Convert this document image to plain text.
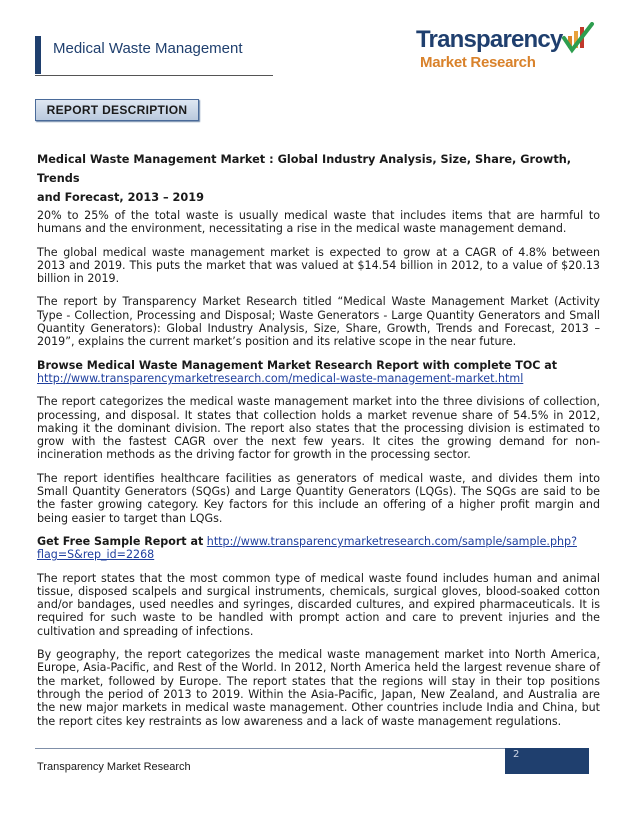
Medical Waste Management	Transparency
Market Research
REPORT DESCRIPTION

Medical Waste Management Market : Global Industry Analysis, Size, Share, Growth, Trends
and Forecast, 2013 – 2019

20% to 25% of the total waste is usually medical waste that includes items that are harmful to humans and the environment, necessitating a rise in the medical waste management demand.

The global medical waste management market is expected to grow at a CAGR of 4.8% between 2013 and 2019. This puts the market that was valued at $14.54 billion in 2012, to a value of $20.13 billion in 2019.

The report by Transparency Market Research titled “Medical Waste Management Market (Activity Type - Collection, Processing and Disposal; Waste Generators - Large Quantity Generators and Small Quantity Generators): Global Industry Analysis, Size, Share, Growth, Trends and Forecast, 2013 – 2019”, explains the current market’s position and its relative scope in the near future.

Browse Medical Waste Management Market Research Report with complete TOC at
http://www.transparencymarketresearch.com/medical-waste-management-market.html

The report categorizes the medical waste management market into the three divisions of collection, processing, and disposal. It states that collection holds a market revenue share of 54.5% in 2012, making it the dominant division. The report also states that the processing division is estimated to grow with the fastest CAGR over the next few years. It cites the growing demand for non-incineration methods as the driving factor for growth in the processing sector.

The report identifies healthcare facilities as generators of medical waste, and divides them into Small Quantity Generators (SQGs) and Large Quantity Generators (LQGs). The SQGs are said to be the faster growing category. Key factors for this include an offering of a higher profit margin and being easier to target than LQGs.

Get Free Sample Report at http://www.transparencymarketresearch.com/sample/sample.php?
flag=S&rep_id=2268

The report states that the most common type of medical waste found includes human and animal tissue, disposed scalpels and surgical instruments, chemicals, surgical gloves, blood-soaked cotton and/or bandages, used needles and syringes, discarded cultures, and expired pharmaceuticals. It is required for such waste to be handled with prompt action and care to prevent injuries and the cultivation and spreading of infections.

By geography, the report categorizes the medical waste management market into North America, Europe, Asia-Pacific, and Rest of the World. In 2012, North America held the largest revenue share of the market, followed by Europe. The report states that the regions will stay in their top positions through the period of 2013 to 2019. Within the Asia-Pacific, Japan, New Zealand, and Australia are the new major markets in medical waste management. Other countries include India and China, but the report cites key restraints as low awareness and a lack of waste management regulations.

2
Transparency Market Research
